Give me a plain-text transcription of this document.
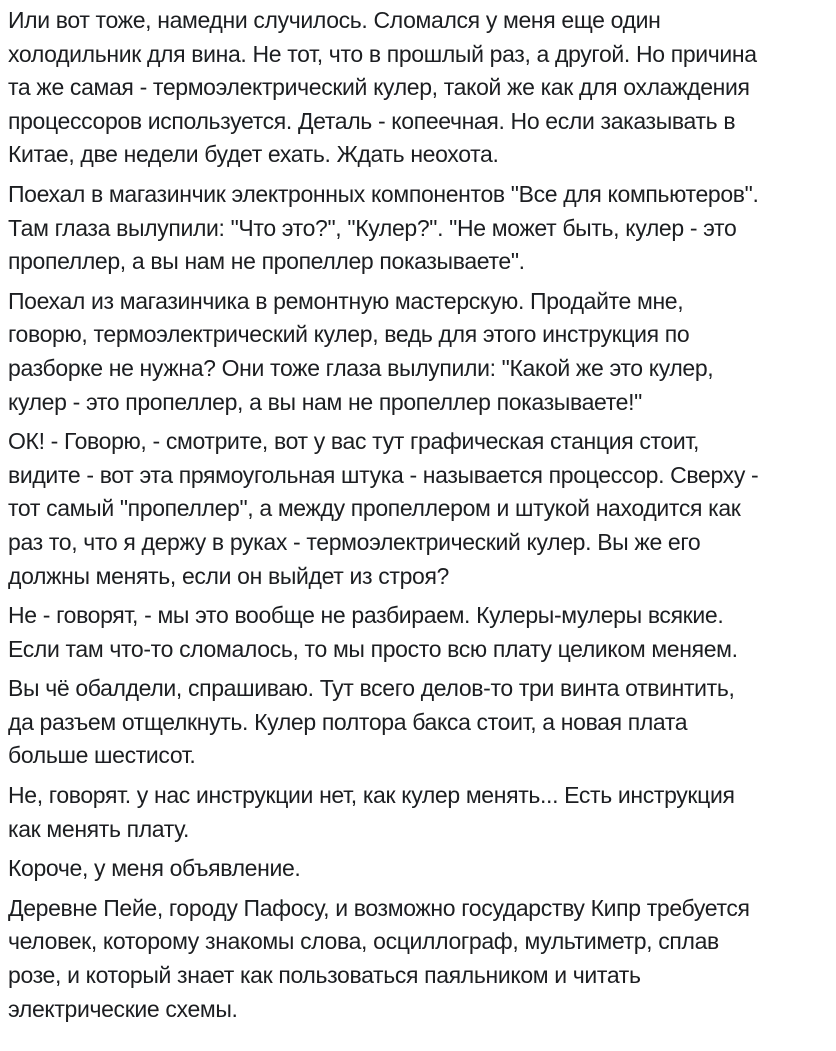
Или вот тоже, намедни случилось. Сломался у меня еще один
холодильник для вина. Не тот, что в прошлый раз, а другой. Но причина
та же самая - термоэлектрический кулер, такой же как для охлаждения
процессоров используется. Деталь - копеечная. Но если заказывать в
Китае, две недели будет ехать. Ждать неохота.

Поехал в магазинчик электронных компонентов "Все для компьютеров".
Там глаза вылупили: "Что это?", "Кулер?". "Не может быть, кулер - это
пропеллер, а вы нам не пропеллер показываете".

Поехал из магазинчика в ремонтную мастерскую. Продайте мне,
говорю, термоэлектрический кулер, ведь для этого инструкция по
разборке не нужна? Они тоже глаза вылупили: "Какой же это кулер,
кулер - это пропеллер, а вы нам не пропеллер показываете!"

ОК! - Говорю, - смотрите, вот у вас тут графическая станция стоит,
видите - вот эта прямоугольная штука - называется процессор. Сверху -
тот самый "пропеллер", а между пропеллером и штукой находится как
раз то, что я держу в руках - термоэлектрический кулер. Вы же его
должны менять, если он выйдет из строя?

Не - говорят, - мы это вообще не разбираем. Кулеры-мулеры всякие.
Если там что-то сломалось, то мы просто всю плату целиком меняем.

Вы чё обалдели, спрашиваю. Тут всего делов-то три винта отвинтить,
да разъем отщелкнуть. Кулер полтора бакса стоит, а новая плата
больше шестисот.

Не, говорят. у нас инструкции нет, как кулер менять... Есть инструкция
как менять плату.

Короче, у меня объявление.

Деревне Пейе, городу Пафосу, и возможно государству Кипр требуется
человек, которому знакомы слова, осциллограф, мультиметр, сплав
розе, и который знает как пользоваться паяльником и читать
электрические схемы.
